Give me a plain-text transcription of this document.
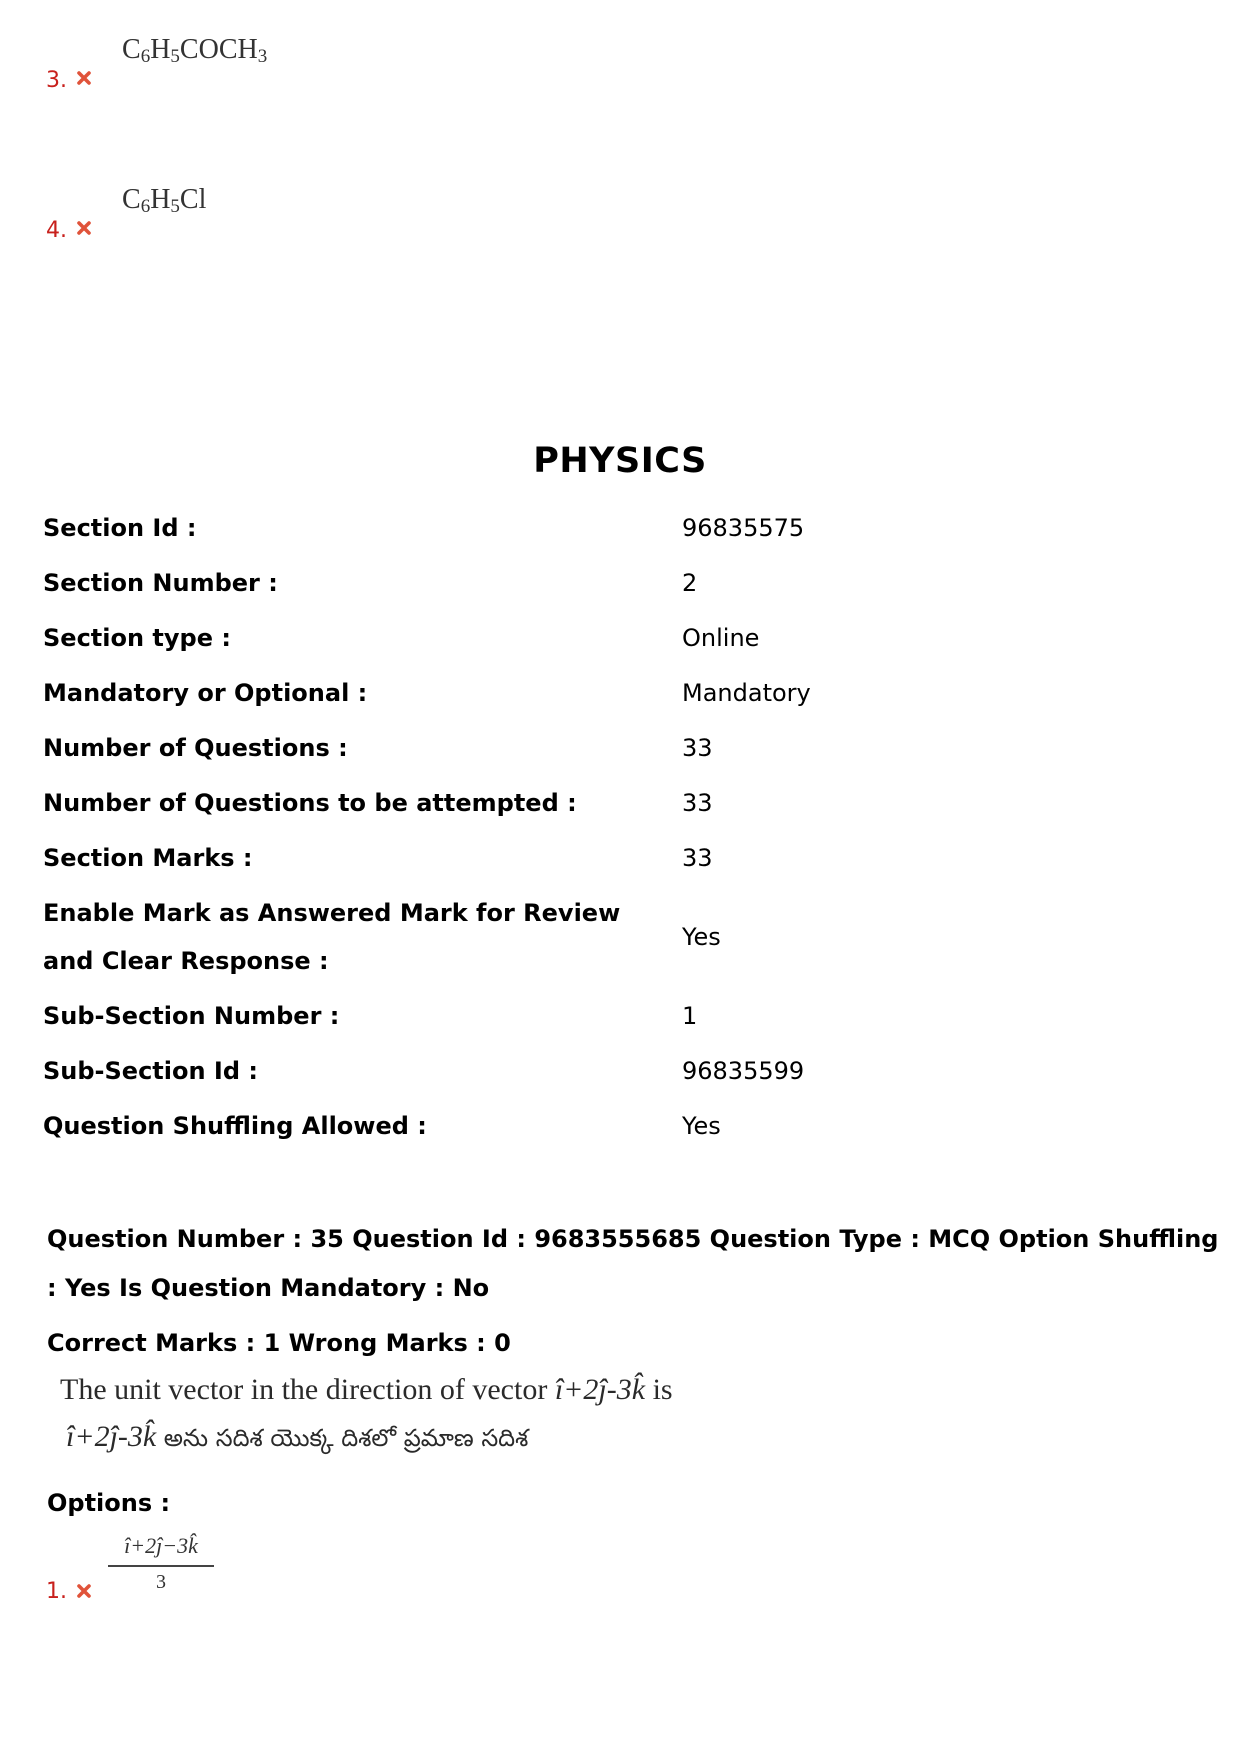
$C_6H_5COCH_3$
3.
$C_6H_5Cl$
4.
PHYSICS
Section Id :	96835575
Section Number :	2
Section type :	Online
Mandatory or Optional :	Mandatory
Number of Questions :	33
Number of Questions to be attempted :	33
Section Marks :	33
Enable Mark as Answered Mark for Review and Clear Response :
Yes
Sub-Section Number :	1
Sub-Section Id :	96835599
Question Shuffling Allowed :	Yes
Question Number : 35 Question Id : 9683555685 Question Type : MCQ Option Shuffling : Yes Is Question Mandatory : No
Correct Marks : 1 Wrong Marks : 0
The unit vector in the direction of vector î+2ĵ-3k̂ is
î+2ĵ-3k̂ అను సదిశ యొక్క దిశలో ప్రమాణ సదిశ
Options :
1. $\frac{î+2ĵ-3k̂}{3}$
